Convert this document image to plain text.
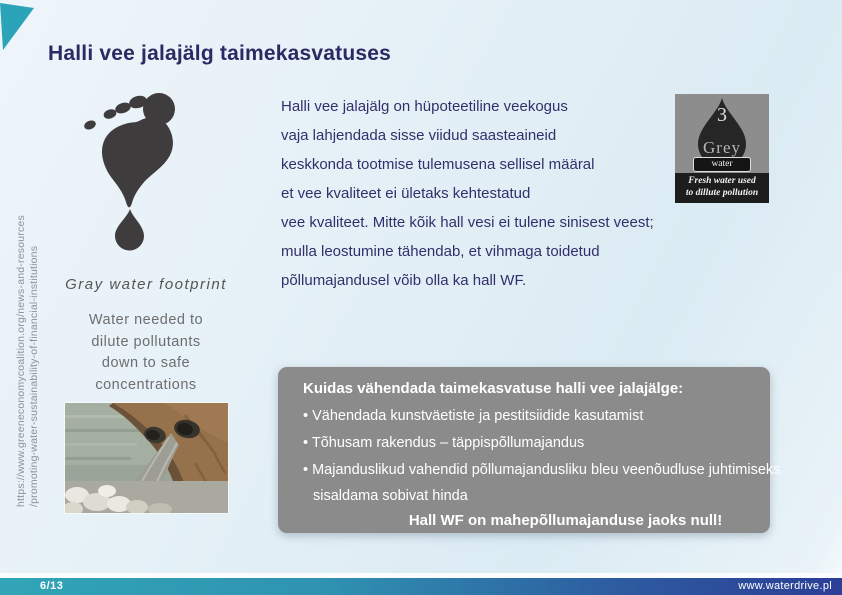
Halli vee jalajälg taimekasvatuses
https://www.greeneconomycoalition.org/news-and-resources /promoting-water-sustainability-of-financial-institutions	Gray water footprint
Water needed to
dilute pollutants
down to safe
concentrations
Halli vee jalajälg on hüpoteetiline veekogus
vaja lahjendada sisse viidud saasteaineid
keskkonda tootmise tulemusena sellisel määral
et vee kvaliteet ei ületaks kehtestatud
vee kvaliteet. Mitte kõik hall vesi ei tulene sinisest veest;
mulla leostumine tähendab, et vihmaga toidetud
põllumajandusel võib olla ka hall WF.
3
Grey
water
Fresh water used
to dillute pollution
Kuidas vähendada taimekasvatuse halli vee jalajälge:
• Vähendada kunstväetiste ja pestitsiidide kasutamist
• Tõhusam rakendus – täppispõllumajandus
• Majanduslikud vahendid põllumajandusliku bleu veenõudluse juhtimiseks
sisaldama sobivat hinda
Hall WF on mahepõllumajanduse jaoks null!
6/13	www.waterdrive.pl
